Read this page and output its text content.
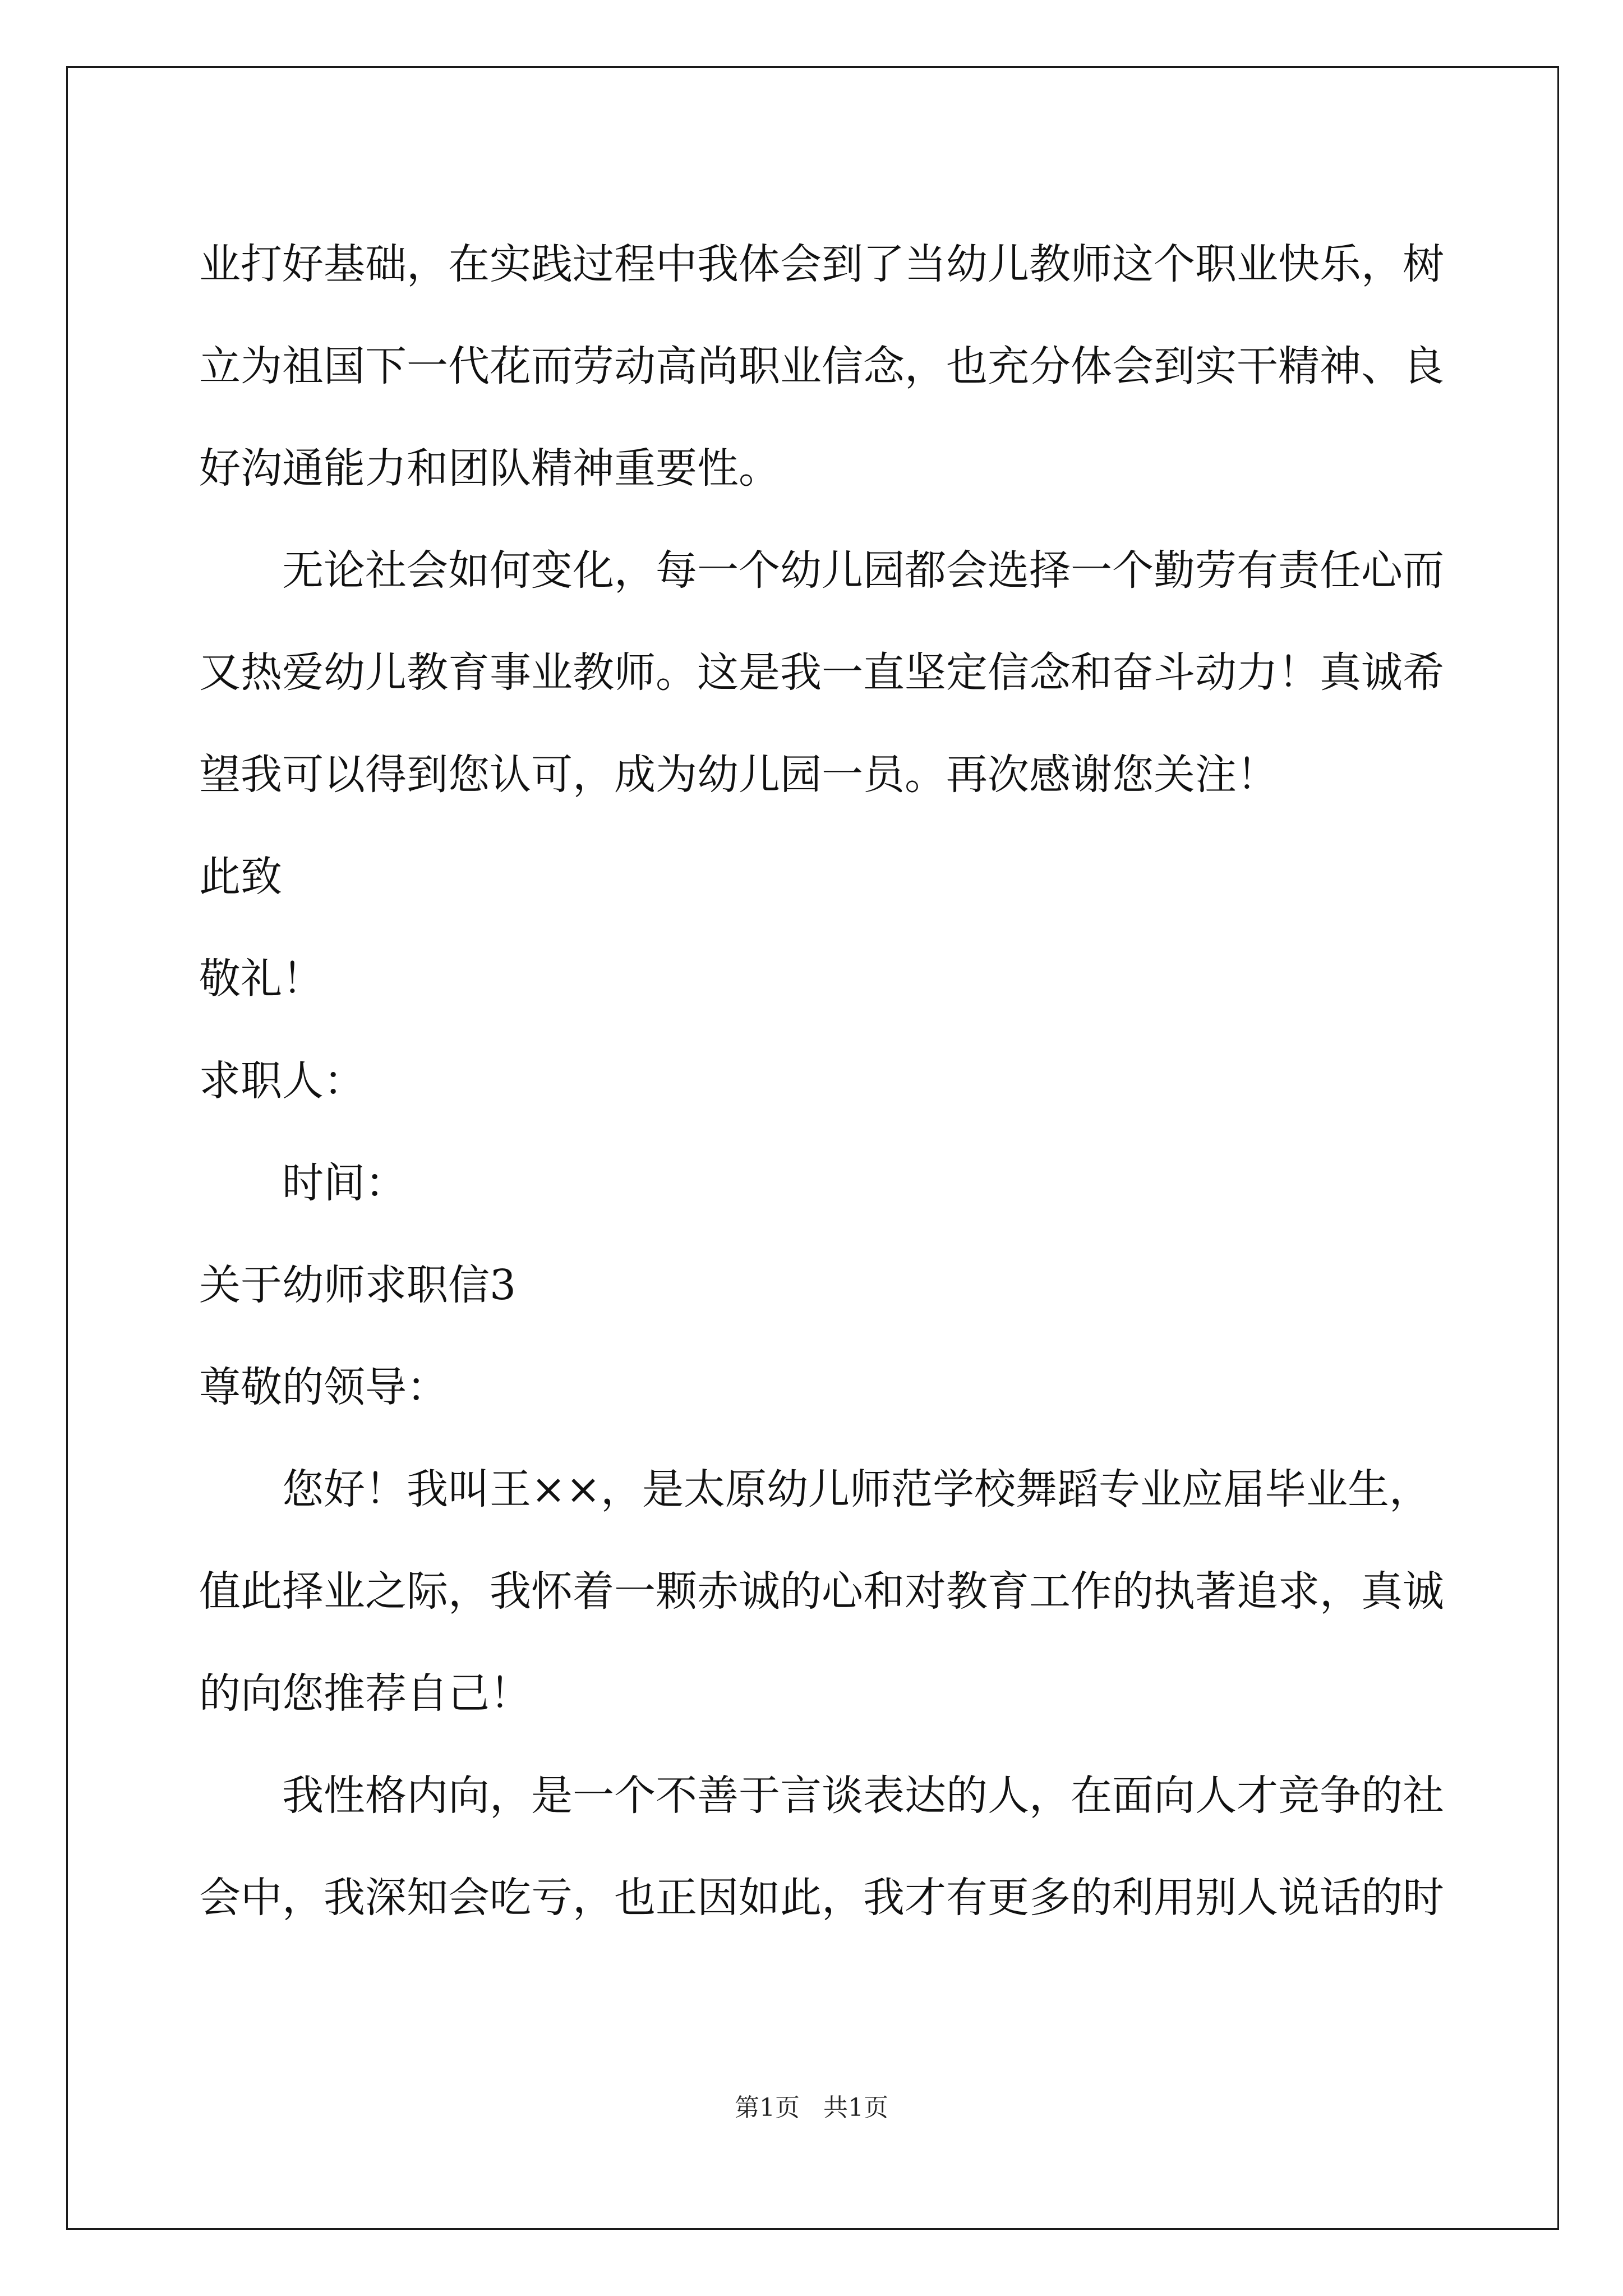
业打好基础，在实践过程中我体会到了当幼儿教师这个职业快乐，树
立为祖国下一代花而劳动高尚职业信念，也充分体会到实干精神、良
好沟通能力和团队精神重要性。
无论社会如何变化，每一个幼儿园都会选择一个勤劳有责任心而
又热爱幼儿教育事业教师。这是我一直坚定信念和奋斗动力！真诚希
望我可以得到您认可，成为幼儿园一员。再次感谢您关注！
此致
敬礼！
求职人：
时间：
关于幼师求职信3
尊敬的领导：
您好！我叫王××，是太原幼儿师范学校舞蹈专业应届毕业生，
值此择业之际，我怀着一颗赤诚的心和对教育工作的执著追求，真诚
的向您推荐自己！
我性格内向，是一个不善于言谈表达的人，在面向人才竞争的社
会中，我深知会吃亏，也正因如此，我才有更多的利用别人说话的时
第1页 共1页
